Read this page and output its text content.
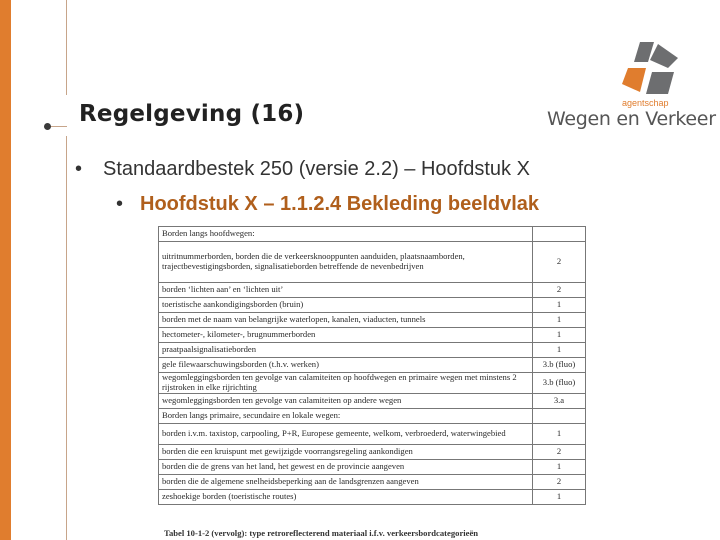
Regelgeving (16)	agentschap
Wegen en Verkeer
• Standaardbestek 250 (versie 2.2) – Hoofdstuk X
• Hoofdstuk X – 1.1.2.4 Bekleding beeldvlak
Borden langs hoofdwegen:	
uitritnummerborden, borden die de verkeersknooppunten aanduiden, plaatsnaamborden, trajectbevestigingsborden, signalisatieborden betreffende de nevenbedrijven	2
borden ‘lichten aan’ en ‘lichten uit’	2
toeristische aankondigingsborden (bruin)	1
borden met de naam van belangrijke waterlopen, kanalen, viaducten, tunnels	1
hectometer-, kilometer-, brugnummerborden	1
praatpaalsignalisatieborden	1
gele filewaarschuwingsborden (t.h.v. werken)	3.b (fluo)
wegomleggingsborden ten gevolge van calamiteiten op hoofdwegen en primaire wegen met minstens 2 rijstroken in elke rijrichting	3.b (fluo)
wegomleggingsborden ten gevolge van calamiteiten op andere wegen	3.a
Borden langs primaire, secundaire en lokale wegen:	
borden i.v.m. taxistop, carpooling, P+R, Europese gemeente, welkom, verbroederd, waterwingebied	1
borden die een kruispunt met gewijzigde voorrangsregeling aankondigen	2
borden die de grens van het land, het gewest en de provincie aangeven	1
borden die de algemene snelheidsbeperking aan de landsgrenzen aangeven	2
zeshoekige borden (toeristische routes)	1
Tabel 10-1-2 (vervolg): type retroreflecterend materiaal i.f.v. verkeersbordcategorieën
